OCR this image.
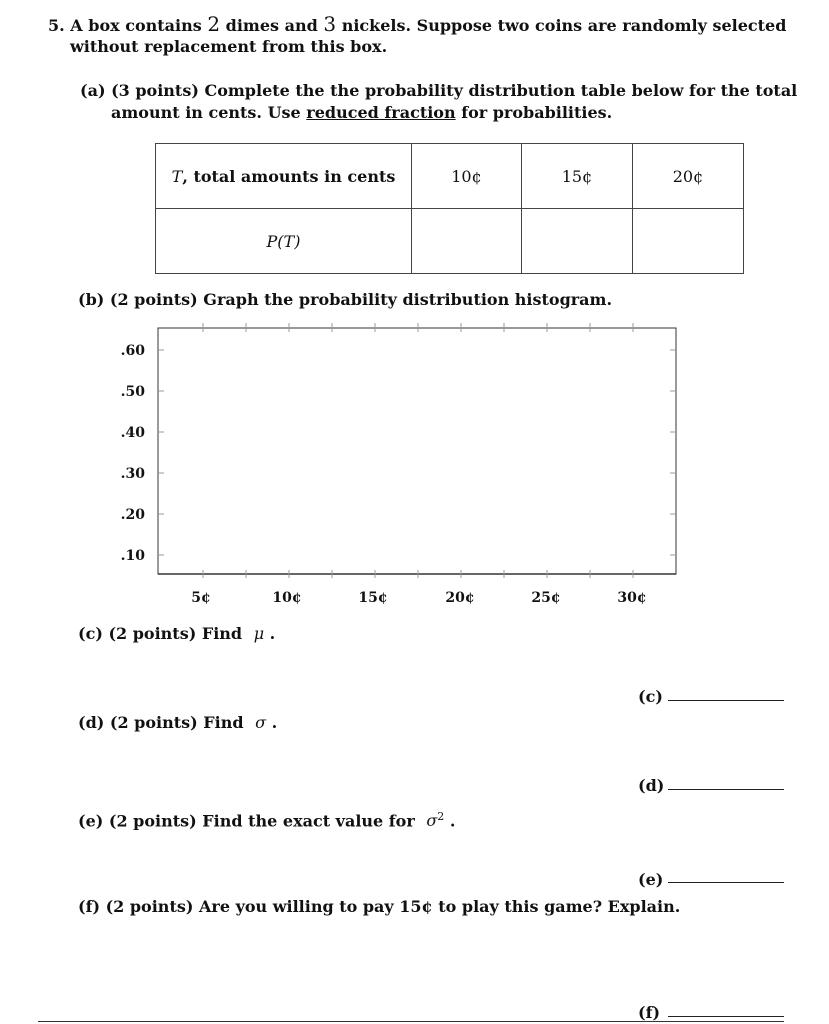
5. A box contains 2 dimes and 3 nickels. Suppose two coins are randomly selected
without replacement from this box.
(a) (3 points) Complete the the probability distribution table below for the total
amount in cents. Use reduced fraction for probabilities.
T, total amounts in cents	10¢	15¢	20¢
P(T)			
(b) (2 points) Graph the probability distribution histogram.
.60
.50
.40
.30
.20
.10
5¢	10¢	15¢	20¢	25¢	30¢
(c) (2 points) Find μ .
(c)
(d) (2 points) Find σ .
(d)
(e) (2 points) Find the exact value for $\sigma^2$ .
(e)
(f) (2 points) Are you willing to pay 15¢ to play this game? Explain.
(f)
